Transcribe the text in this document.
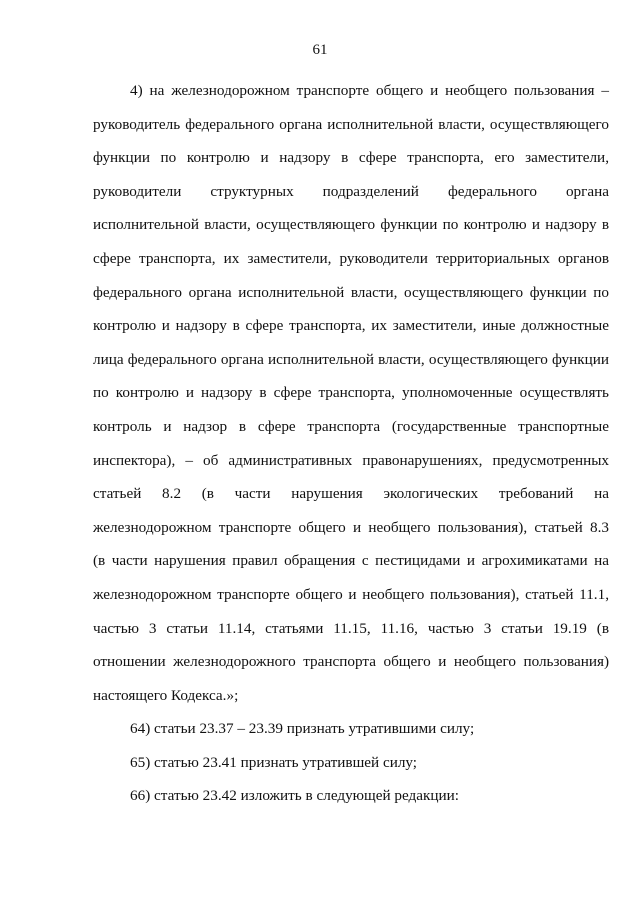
61
4) на железнодорожном транспорте общего и необщего пользования –
руководитель федерального органа исполнительной власти, осуществляющего
функции по контролю и надзору в сфере транспорта, его заместители,
руководители структурных подразделений федерального органа
исполнительной власти, осуществляющего функции по контролю и надзору в
сфере транспорта, их заместители, руководители территориальных органов
федерального органа исполнительной власти, осуществляющего функции по
контролю и надзору в сфере транспорта, их заместители, иные должностные
лица федерального органа исполнительной власти, осуществляющего функции
по контролю и надзору в сфере транспорта, уполномоченные осуществлять
контроль и надзор в сфере транспорта (государственные транспортные
инспектора), – об административных правонарушениях, предусмотренных
статьей 8.2 (в части нарушения экологических требований на
железнодорожном транспорте общего и необщего пользования), статьей 8.3
(в части нарушения правил обращения с пестицидами и агрохимикатами на
железнодорожном транспорте общего и необщего пользования), статьей 11.1,
частью 3 статьи 11.14, статьями 11.15, 11.16, частью 3 статьи 19.19 (в
отношении железнодорожного транспорта общего и необщего пользования)
настоящего Кодекса.»;
64) статьи 23.37 – 23.39 признать утратившими силу;
65) статью 23.41 признать утратившей силу;
66) статью 23.42 изложить в следующей редакции:
